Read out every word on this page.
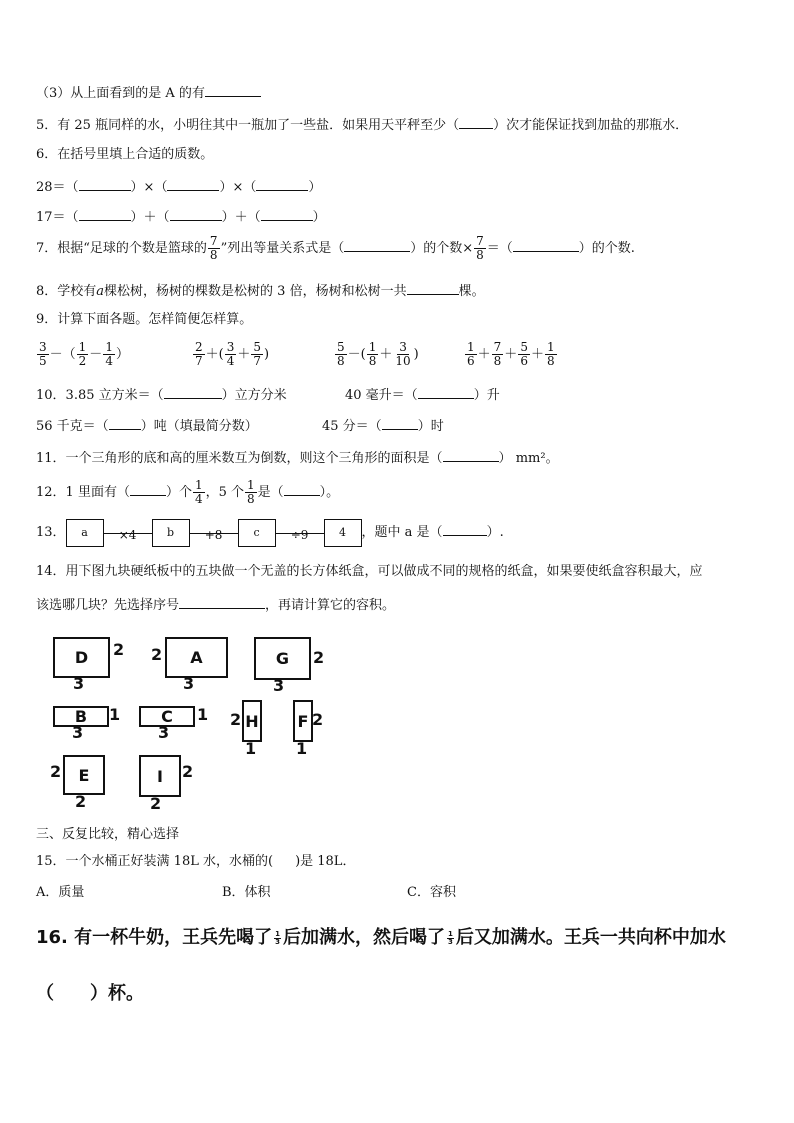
（3）从上面看到的是 A 的有
5．有 25 瓶同样的水，小明往其中一瓶加了一些盐．如果用天平秤至少（	）次才能保证找到加盐的那瓶水．
6．在括号里填上合适的质数。
28＝（	）×（	）×（	）
17＝（	）＋（	）＋（	）
7．根据“足球的个数是篮球的 $\frac{7}{8}$ ”列出等量关系式是（	）的个数× $\frac{7}{8}$ ＝（	）的个数.
8．学校有a棵松树，杨树的棵数是松树的 3 倍，杨树和松树一共	棵。
9．计算下面各题。怎样简便怎样算。
$\frac{3}{5}$ －（ $\frac{1}{2} - \frac{1}{4}$ ）	$\frac{2}{7}$ ＋( $\frac{3}{4} + \frac{5}{7}$ )	$\frac{5}{8}$ －( $\frac{1}{8} + \frac{3}{10}$ )	$\frac{1}{6} + \frac{7}{8} + \frac{5}{6} + \frac{1}{8}$
10．3.85 立方米＝（	）立方分米	40 毫升＝（	）升
56 千克＝（ ）吨（填最简分数）	45 分＝（	）时
11．一个三角形的底和高的厘米数互为倒数，则这个三角形的面积是（	） mm²。
12．1 里面有（	）个 $\frac{1}{4}$ ，5 个 $\frac{1}{8}$ 是（	）。
13． a	×4	b	+8	c	÷9	4 ，题中 a 是（	）.
14．用下图九块硬纸板中的五块做一个无盖的长方体纸盒，可以做成不同的规格的纸盒，如果要使纸盒容积最大，应
该选哪几块？先选择序号	，再请计算它的容积。
D	2
3
2	A
3
G	2
3
B	1
3
C	1
3
2 H
1
F 2
1
2	E
2
I	2
2
三、反复比较，精心选择
15．一个水桶正好装满 18L 水，水桶的( )是 18L．
A．质量	B．体积	C．容积
16. 有一杯牛奶，王兵先喝了 $\frac{1}{3}$ 后加满水，然后喝了 $\frac{1}{3}$ 后又加满水。王兵一共向杯中加水
（　　）杯。
